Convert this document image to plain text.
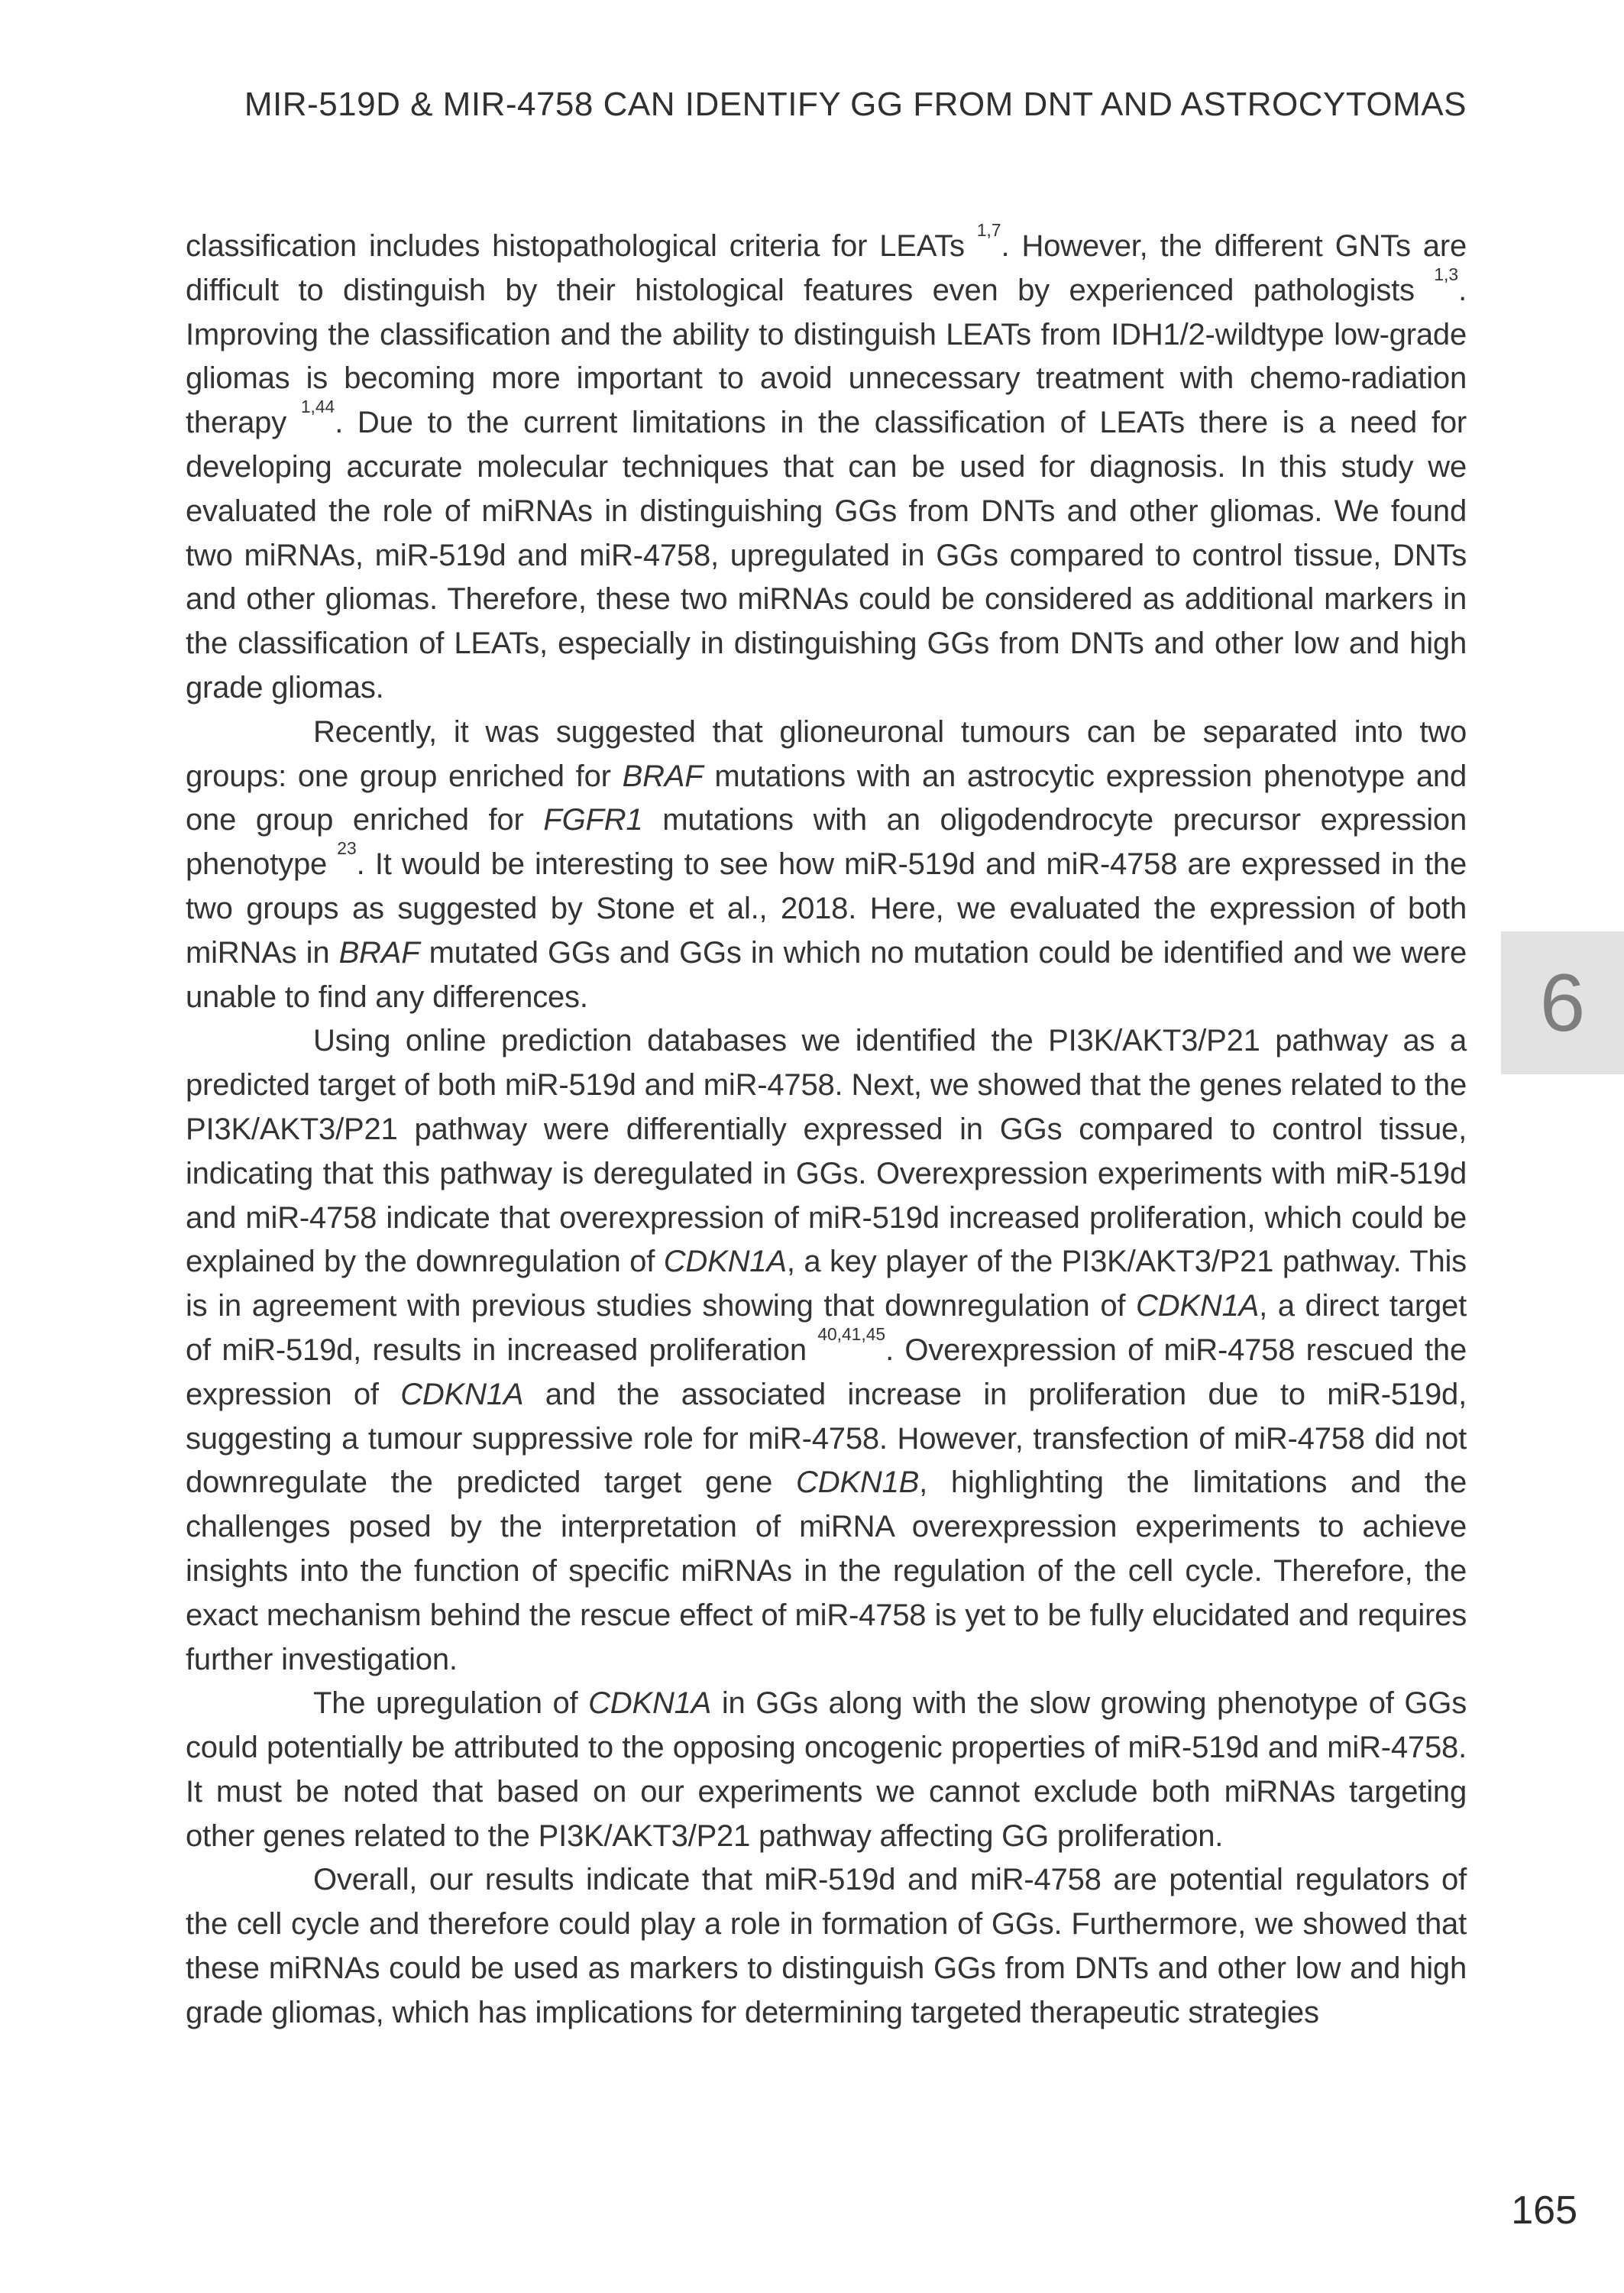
MIR-519D & MIR-4758 CAN IDENTIFY GG FROM DNT AND ASTROCYTOMAS

classification includes histopathological criteria for LEATs $^{1,7}$. However, the different GNTs are difficult to distinguish by their histological features even by experienced pathologists $^{1,3}$. Improving the classification and the ability to distinguish LEATs from IDH1/2-wildtype low-grade gliomas is becoming more important to avoid unnecessary treatment with chemo-radiation therapy $^{1,44}$. Due to the current limitations in the classification of LEATs there is a need for developing accurate molecular techniques that can be used for diagnosis. In this study we evaluated the role of miRNAs in distinguishing GGs from DNTs and other gliomas. We found two miRNAs, miR-519d and miR-4758, upregulated in GGs compared to control tissue, DNTs and other gliomas. Therefore, these two miRNAs could be considered as additional markers in the classification of LEATs, especially in distinguishing GGs from DNTs and other low and high grade gliomas.

Recently, it was suggested that glioneuronal tumours can be separated into two groups: one group enriched for BRAF mutations with an astrocytic expression phenotype and one group enriched for FGFR1 mutations with an oligodendrocyte precursor expression phenotype $^{23}$. It would be interesting to see how miR-519d and miR-4758 are expressed in the two groups as suggested by Stone et al., 2018. Here, we evaluated the expression of both miRNAs in BRAF mutated GGs and GGs in which no mutation could be identified and we were unable to find any differences.

Using online prediction databases we identified the PI3K/AKT3/P21 pathway as a predicted target of both miR-519d and miR-4758. Next, we showed that the genes related to the PI3K/AKT3/P21 pathway were differentially expressed in GGs compared to control tissue, indicating that this pathway is deregulated in GGs. Overexpression experiments with miR-519d and miR-4758 indicate that overexpression of miR-519d increased proliferation, which could be explained by the downregulation of CDKN1A, a key player of the PI3K/AKT3/P21 pathway. This is in agreement with previous studies showing that downregulation of CDKN1A, a direct target of miR-519d, results in increased proliferation $^{40,41,45}$. Overexpression of miR-4758 rescued the expression of CDKN1A and the associated increase in proliferation due to miR-519d, suggesting a tumour suppressive role for miR-4758. However, transfection of miR-4758 did not downregulate the predicted target gene CDKN1B, highlighting the limitations and the challenges posed by the interpretation of miRNA overexpression experiments to achieve insights into the function of specific miRNAs in the regulation of the cell cycle. Therefore, the exact mechanism behind the rescue effect of miR-4758 is yet to be fully elucidated and requires further investigation.

The upregulation of CDKN1A in GGs along with the slow growing phenotype of GGs could potentially be attributed to the opposing oncogenic properties of miR-519d and miR-4758. It must be noted that based on our experiments we cannot exclude both miRNAs targeting other genes related to the PI3K/AKT3/P21 pathway affecting GG proliferation.

Overall, our results indicate that miR-519d and miR-4758 are potential regulators of the cell cycle and therefore could play a role in formation of GGs. Furthermore, we showed that these miRNAs could be used as markers to distinguish GGs from DNTs and other low and high grade gliomas, which has implications for determining targeted therapeutic strategies

6
165
